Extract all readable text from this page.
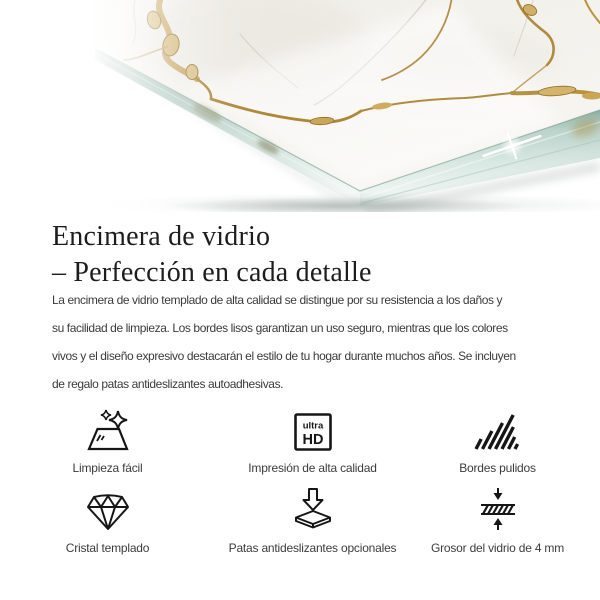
Encimera de vidrio
– Perfección en cada detalle
La encimera de vidrio templado de alta calidad se distingue por su resistencia a los daños y
su facilidad de limpieza. Los bordes lisos garantizan un uso seguro, mientras que los colores
vivos y el diseño expresivo destacarán el estilo de tu hogar durante muchos años. Se incluyen
de regalo patas antideslizantes autoadhesivas.
Limpieza fácil
ultra
HD
Impresión de alta calidad	Bordes pulidos
Cristal templado	Patas antideslizantes opcionales	Grosor del vidrio de 4 mm
